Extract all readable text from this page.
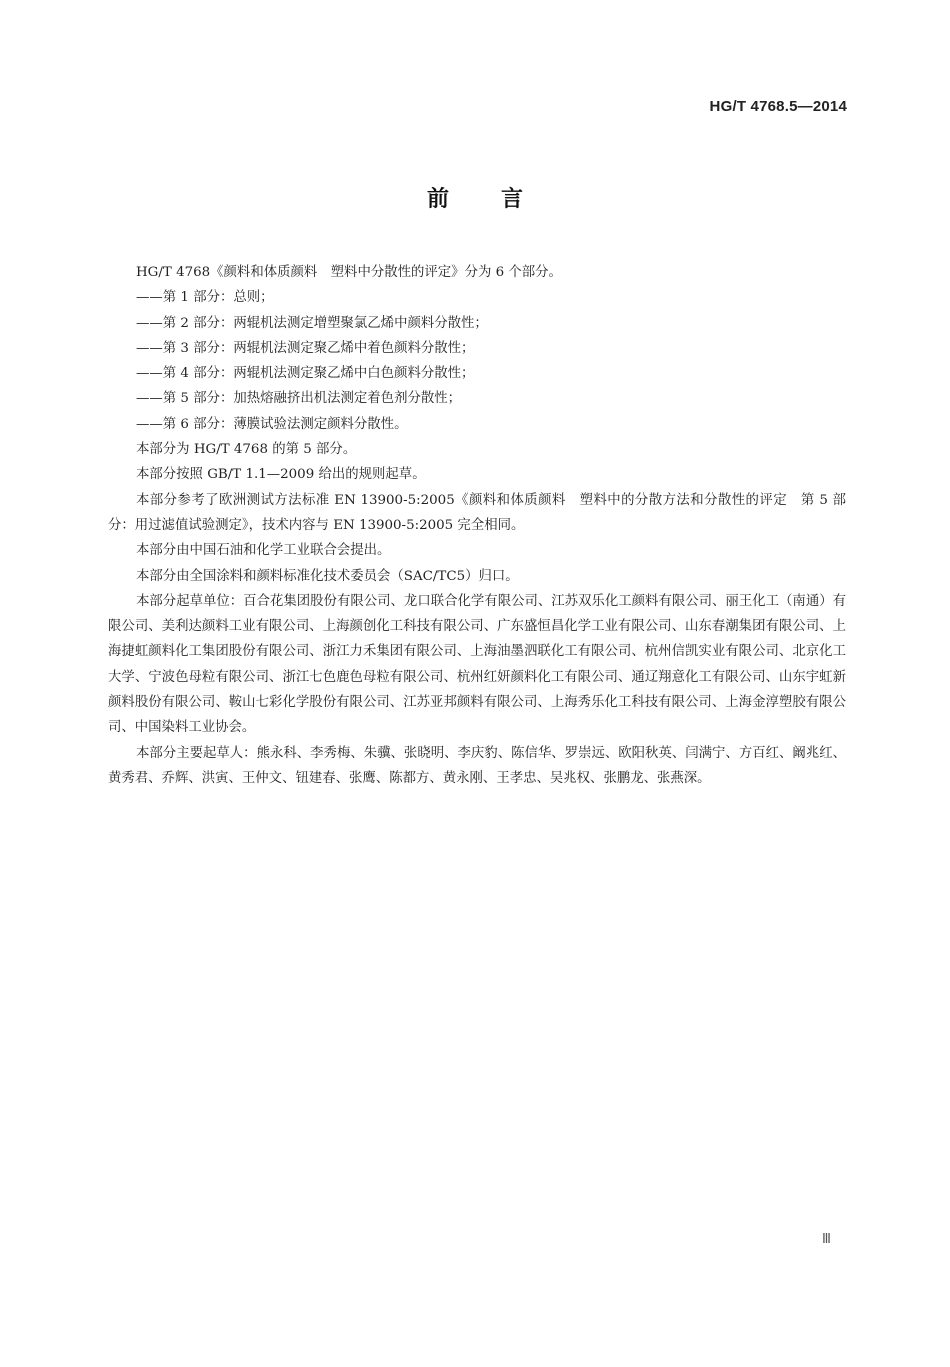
HG/T 4768.5—2014
前言

HG/T 4768《颜料和体质颜料　塑料中分散性的评定》分为 6 个部分。

——第 1 部分：总则；

——第 2 部分：两辊机法测定增塑聚氯乙烯中颜料分散性；

——第 3 部分：两辊机法测定聚乙烯中着色颜料分散性；

——第 4 部分：两辊机法测定聚乙烯中白色颜料分散性；

——第 5 部分：加热熔融挤出机法测定着色剂分散性；

——第 6 部分：薄膜试验法测定颜料分散性。

本部分为 HG/T 4768 的第 5 部分。

本部分按照 GB/T 1.1—2009 给出的规则起草。

本部分参考了欧洲测试方法标准 EN 13900-5:2005《颜料和体质颜料　塑料中的分散方法和分散性的评定　第 5 部分：用过滤值试验测定》，技术内容与 EN 13900-5:2005 完全相同。

本部分由中国石油和化学工业联合会提出。

本部分由全国涂料和颜料标准化技术委员会（SAC/TC5）归口。

本部分起草单位：百合花集团股份有限公司、龙口联合化学有限公司、江苏双乐化工颜料有限公司、丽王化工（南通）有限公司、美利达颜料工业有限公司、上海颜创化工科技有限公司、广东盛恒昌化学工业有限公司、山东春潮集团有限公司、上海捷虹颜料化工集团股份有限公司、浙江力禾集团有限公司、上海油墨泗联化工有限公司、杭州信凯实业有限公司、北京化工大学、宁波色母粒有限公司、浙江七色鹿色母粒有限公司、杭州红妍颜料化工有限公司、通辽翔意化工有限公司、山东宇虹新颜料股份有限公司、鞍山七彩化学股份有限公司、江苏亚邦颜料有限公司、上海秀乐化工科技有限公司、上海金淳塑胶有限公司、中国染料工业协会。

本部分主要起草人：熊永科、李秀梅、朱骥、张晓明、李庆豹、陈信华、罗崇远、欧阳秋英、闫满宁、方百红、阚兆红、黄秀君、乔辉、洪寅、王仲文、钮建春、张鹰、陈都方、黄永刚、王孝忠、吴兆权、张鹏龙、张燕深。

Ⅲ
